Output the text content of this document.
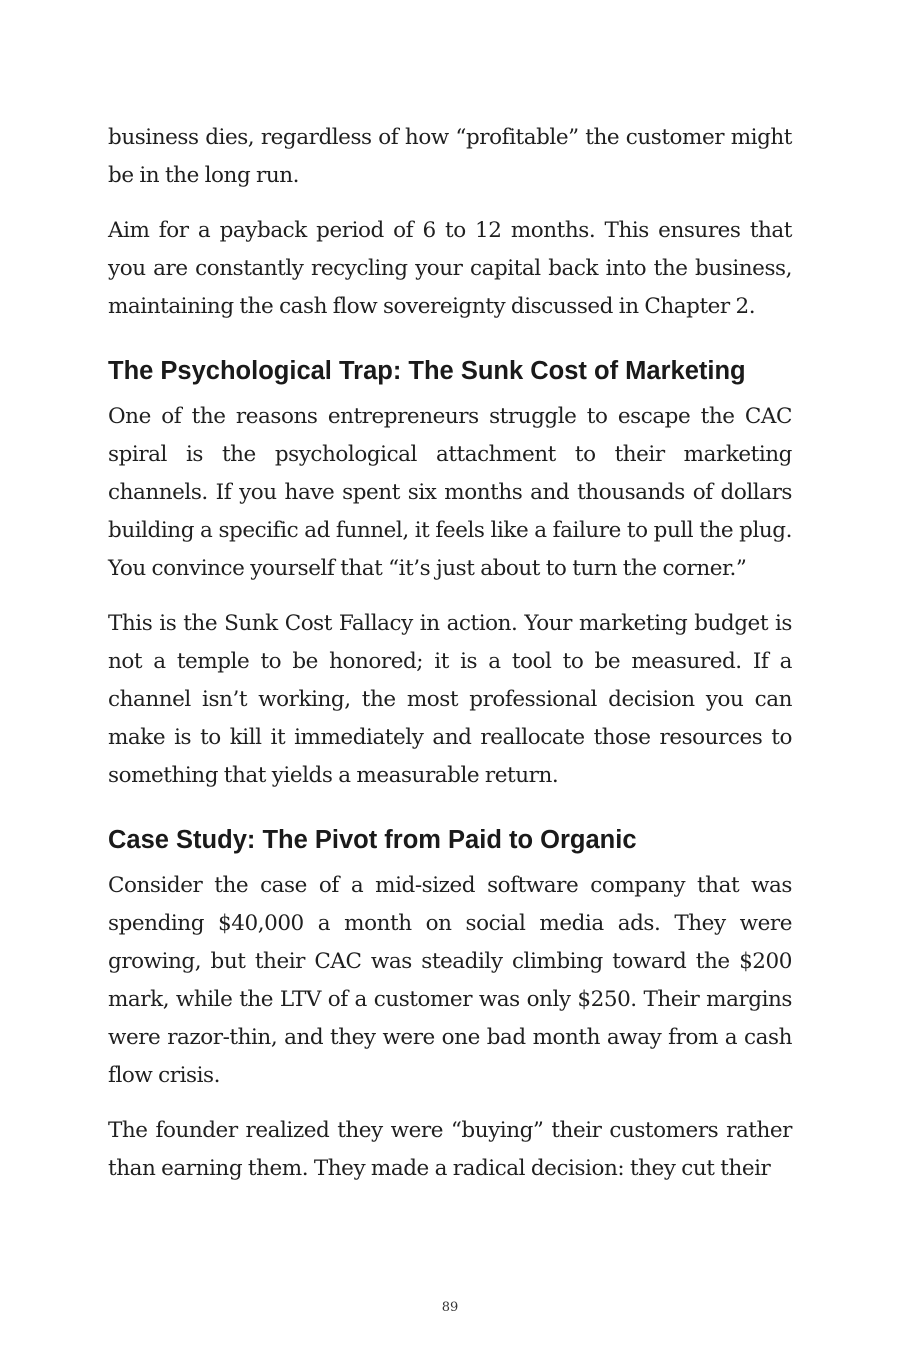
business dies, regardless of how “profitable” the customer might be in the long run.

Aim for a payback period of 6 to 12 months. This ensures that you are constantly recycling your capital back into the business, maintaining the cash flow sovereignty discussed in Chapter 2.

The Psychological Trap: The Sunk Cost of Marketing

One of the reasons entrepreneurs struggle to escape the CAC spiral is the psychological attachment to their marketing channels. If you have spent six months and thousands of dollars building a specific ad funnel, it feels like a failure to pull the plug. You convince yourself that “it’s just about to turn the corner.”

This is the Sunk Cost Fallacy in action. Your marketing budget is not a temple to be honored; it is a tool to be measured. If a channel isn’t working, the most professional decision you can make is to kill it immediately and reallocate those resources to something that yields a measurable return.

Case Study: The Pivot from Paid to Organic

Consider the case of a mid-sized software company that was spending $40,000 a month on social media ads. They were growing, but their CAC was steadily climbing toward the $200 mark, while the LTV of a customer was only $250. Their margins were razor-thin, and they were one bad month away from a cash flow crisis.

The founder realized they were “buying” their customers rather than earning them. They made a radical decision: they cut their

89
